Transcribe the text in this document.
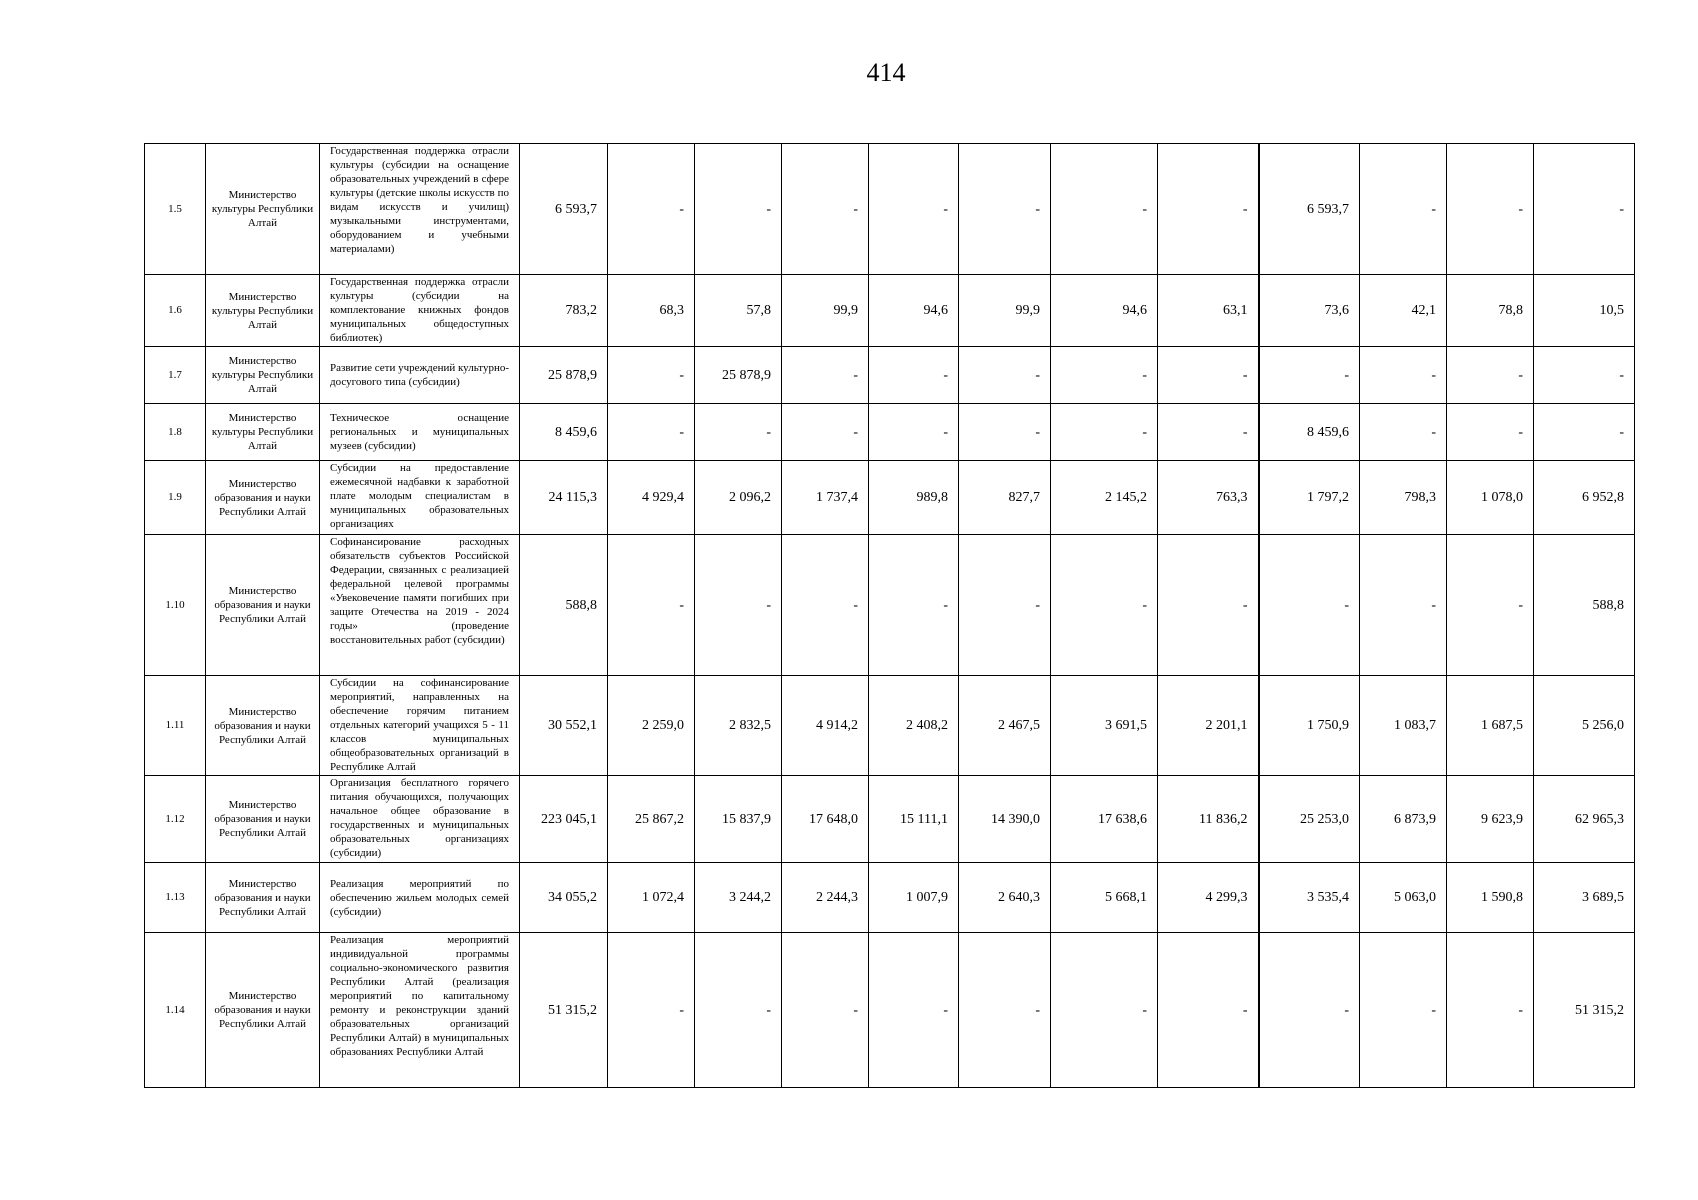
414
1.5	Министерство культуры Республики Алтай	Государственная поддержка отрасли культуры (субсидии на оснащение образовательных учреждений в сфере культуры (детские школы искусств по видам искусств и училищ) музыкальными инструментами, оборудованием и учебными материалами)	6 593,7	-	-	-	-	-	-	-	6 593,7	-	-	-
1.6	Министерство культуры Республики Алтай	Государственная поддержка отрасли культуры (субсидии на комплектование книжных фондов муниципальных общедоступных библиотек)	783,2	68,3	57,8	99,9	94,6	99,9	94,6	63,1	73,6	42,1	78,8	10,5
1.7	Министерство культуры Республики Алтай	Развитие сети учреждений культурно-досугового типа (субсидии)	25 878,9	-	25 878,9	-	-	-	-	-	-	-	-	-
1.8	Министерство культуры Республики Алтай	Техническое оснащение региональных и муниципальных музеев (субсидии)	8 459,6	-	-	-	-	-	-	-	8 459,6	-	-	-
1.9	Министерство образования и науки Республики Алтай	Субсидии на предоставление ежемесячной надбавки к заработной плате молодым специалистам в муниципальных образовательных организациях	24 115,3	4 929,4	2 096,2	1 737,4	989,8	827,7	2 145,2	763,3	1 797,2	798,3	1 078,0	6 952,8
1.10	Министерство образования и науки Республики Алтай	Софинансирование расходных обязательств субъектов Российской Федерации, связанных с реализацией федеральной целевой программы «Увековечение памяти погибших при защите Отечества на 2019 - 2024 годы» (проведение восстановительных работ (субсидии)	588,8	-	-	-	-	-	-	-	-	-	-	588,8
1.11	Министерство образования и науки Республики Алтай	Субсидии на софинансирование мероприятий, направленных на обеспечение горячим питанием отдельных категорий учащихся 5 - 11 классов муниципальных общеобразовательных организаций в Республике Алтай	30 552,1	2 259,0	2 832,5	4 914,2	2 408,2	2 467,5	3 691,5	2 201,1	1 750,9	1 083,7	1 687,5	5 256,0
1.12	Министерство образования и науки Республики Алтай	Организация бесплатного горячего питания обучающихся, получающих начальное общее образование в государственных и муниципальных образовательных организациях (субсидии)	223 045,1	25 867,2	15 837,9	17 648,0	15 111,1	14 390,0	17 638,6	11 836,2	25 253,0	6 873,9	9 623,9	62 965,3
1.13	Министерство образования и науки Республики Алтай	Реализация мероприятий по обеспечению жильем молодых семей (субсидии)	34 055,2	1 072,4	3 244,2	2 244,3	1 007,9	2 640,3	5 668,1	4 299,3	3 535,4	5 063,0	1 590,8	3 689,5
1.14	Министерство образования и науки Республики Алтай	Реализация мероприятий индивидуальной программы социально-экономического развития Республики Алтай (реализация мероприятий по капитальному ремонту и реконструкции зданий образовательных организаций Республики Алтай) в муниципальных образованиях Республики Алтай	51 315,2	-	-	-	-	-	-	-	-	-	-	51 315,2
